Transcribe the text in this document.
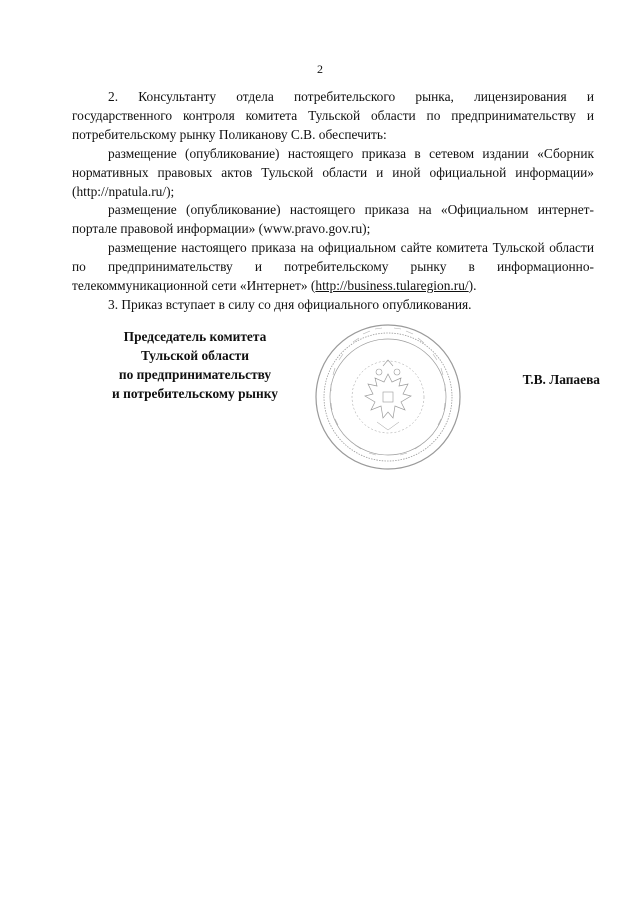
2

2. Консультанту отдела потребительского рынка, лицензирования и государственного контроля комитета Тульской области по предпринимательству и потребительскому рынку Поликанову С.В. обеспечить:

размещение (опубликование) настоящего приказа в сетевом издании «Сборник нормативных правовых актов Тульской области и иной официальной информации» (http://npatula.ru/);

размещение (опубликование) настоящего приказа на «Официальном интернет-портале правовой информации» (www.pravo.gov.ru);

размещение настоящего приказа на официальном сайте комитета Тульской области по предпринимательству и потребительскому рынку в информационно-телекоммуникационной сети «Интернет» (http://business.tularegion.ru/).

3. Приказ вступает в силу со дня официального опубликования.

Председатель комитета
Тульской области
по предпринимательству
и потребительскому рынку
Т.В. Лапаева
